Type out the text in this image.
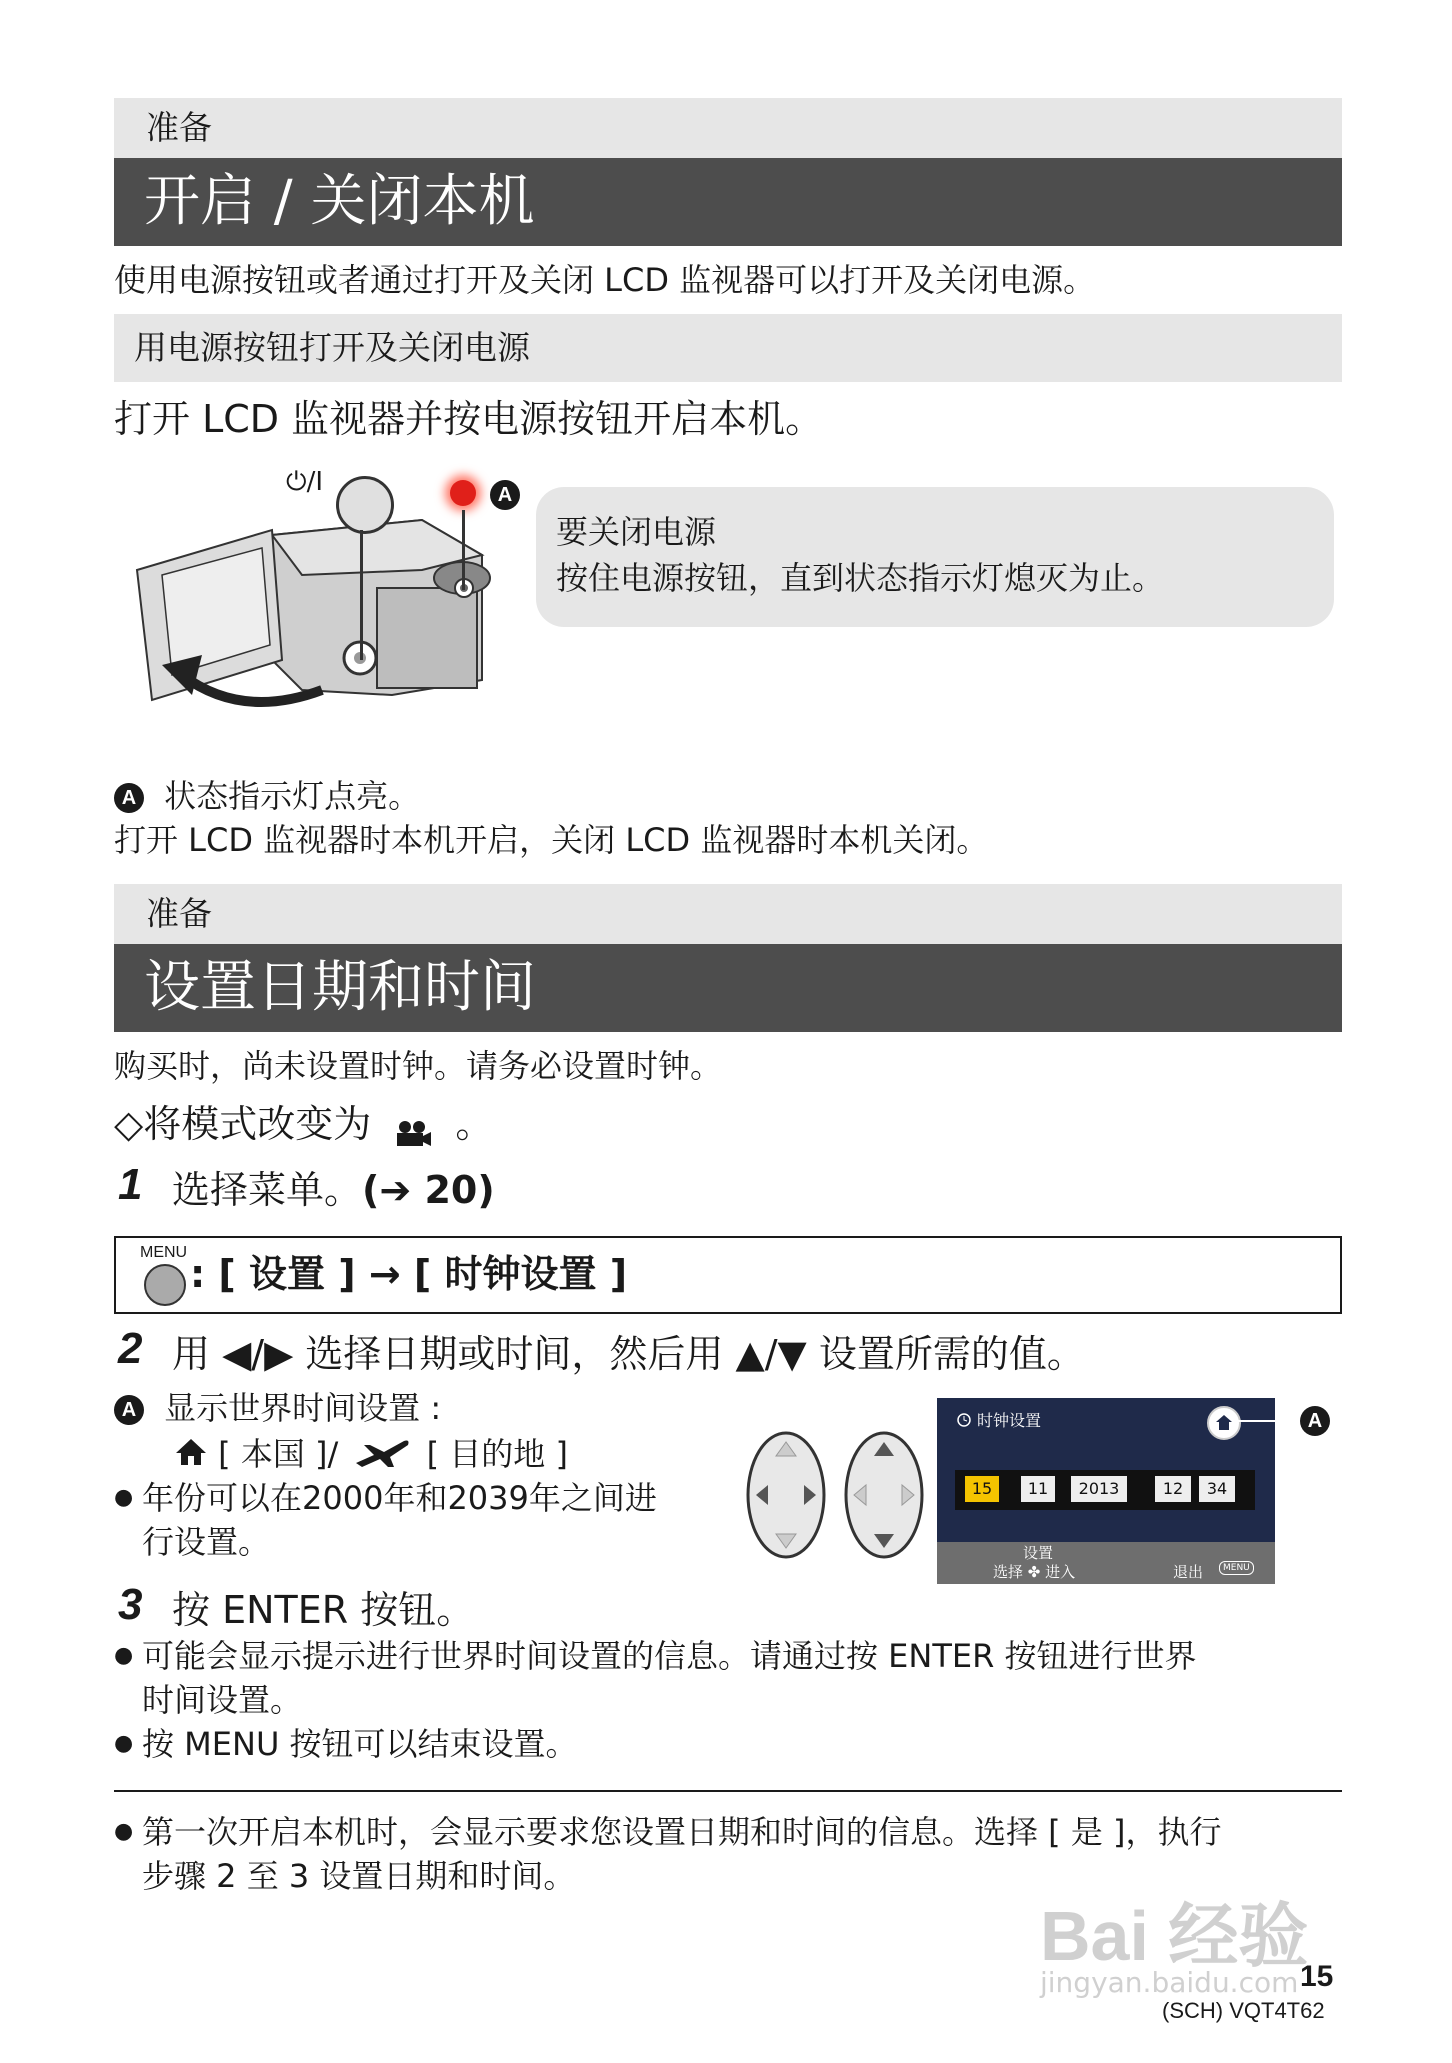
准备
开启 / 关闭本机
使用电源按钮或者通过打开及关闭 LCD 监视器可以打开及关闭电源。
用电源按钮打开及关闭电源
打开 LCD 监视器并按电源按钮开启本机。
⏻/I	A
要关闭电源
按住电源按钮，直到状态指示灯熄灭为止。
A 状态指示灯点亮。
打开 LCD 监视器时本机开启，关闭 LCD 监视器时本机关闭。
准备
设置日期和时间
购买时，尚未设置时钟。请务必设置时钟。
◇将模式改变为 。
1 选择菜单。(➔ 20)
MENU : [ 设置 ] → [ 时钟设置 ]
2 用 ◀/▶ 选择日期或时间，然后用 ▲/▼ 设置所需的值。
A 显示世界时间设置 :
[ 本国 ]/	[ 目的地 ]
● 年份可以在2000年和2039年之间进
行设置。
时钟设置
15	11	2013	12	34
设置
选择 ✤ 进入	退出	MENU
A
3 按 ENTER 按钮。
● 可能会显示提示进行世界时间设置的信息。请通过按 ENTER 按钮进行世界
时间设置。
● 按 MENU 按钮可以结束设置。
● 第一次开启本机时，会显示要求您设置日期和时间的信息。选择 [ 是 ]，执行
步骤 2 至 3 设置日期和时间。
Bai 经验
jingyan.baidu.com 15
(SCH) VQT4T62
